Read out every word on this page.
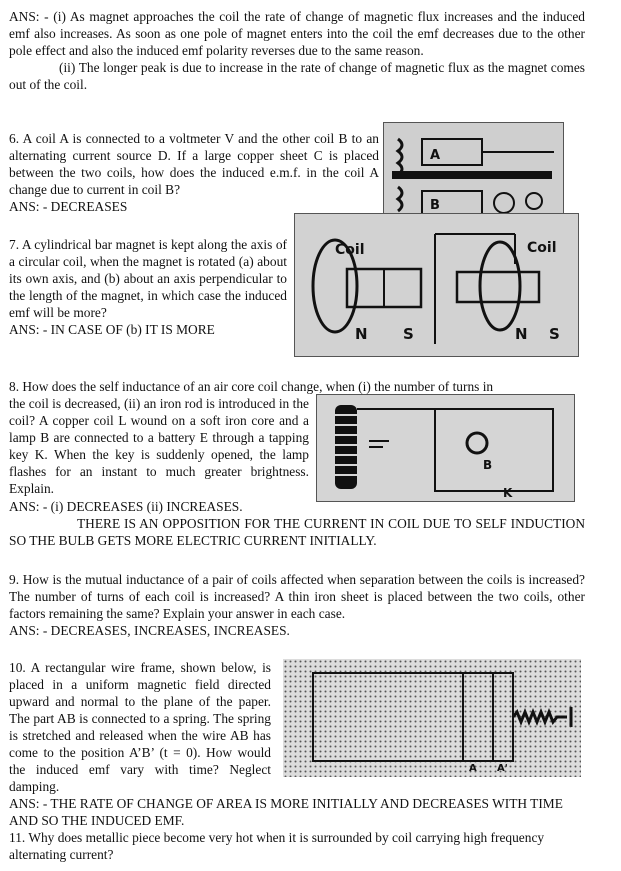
ANS: - (i) As magnet approaches the coil the rate of change of magnetic flux increases and the induced emf also increases. As soon as one pole of magnet enters into the coil the emf decreases due to the other pole effect and also the induced emf polarity reverses due to the same reason.

(ii) The longer peak is due to increase in the rate of change of magnetic flux as the magnet comes out of the coil.

6. A coil A is connected to a voltmeter V and the other coil B to an alternating current source D. If a large copper sheet C is placed between the two coils, how does the induced e.m.f. in the coil A change due to current in coil B?

ANS: - DECREASES

A
B

7. A cylindrical bar magnet is kept along the axis of a circular coil, when the magnet is rotated (a) about its own axis, and (b) about an axis perpendicular to the length of the magnet, in which case the induced emf will be more?

ANS: - IN CASE OF (b) IT IS MORE

Coil
N S
Coil
N S

8. How does the self inductance of an air core coil change, when (i) the number of turns in

the coil is decreased, (ii) an iron rod is introduced in the coil? A copper coil L wound on a soft iron core and a lamp B are connected to a battery E through a tapping key K. When the key is suddenly opened, the lamp flashes for an instant to much greater brightness. Explain.

B
K

ANS: - (i) DECREASES (ii) INCREASES.

THERE IS AN OPPOSITION FOR THE CURRENT IN COIL DUE TO SELF INDUCTION SO THE BULB GETS MORE ELECTRIC CURRENT INITIALLY.

9. How is the mutual inductance of a pair of coils affected when separation between the coils is increased? The number of turns of each coil is increased? A thin iron sheet is placed between the two coils, other factors remaining the same? Explain your answer in each case.

ANS: - DECREASES, INCREASES, INCREASES.

10. A rectangular wire frame, shown below, is placed in a uniform magnetic field directed upward and normal to the plane of the paper. The part AB is connected to a spring. The spring is stretched and released when the wire AB has come to the position A’B’ (t = 0). How would the induced emf vary with time? Neglect damping.

A A'

ANS: - THE RATE OF CHANGE OF AREA IS MORE INITIALLY AND DECREASES WITH TIME AND SO THE INDUCED EMF.

11. Why does metallic piece become very hot when it is surrounded by coil carrying high frequency alternating current?
